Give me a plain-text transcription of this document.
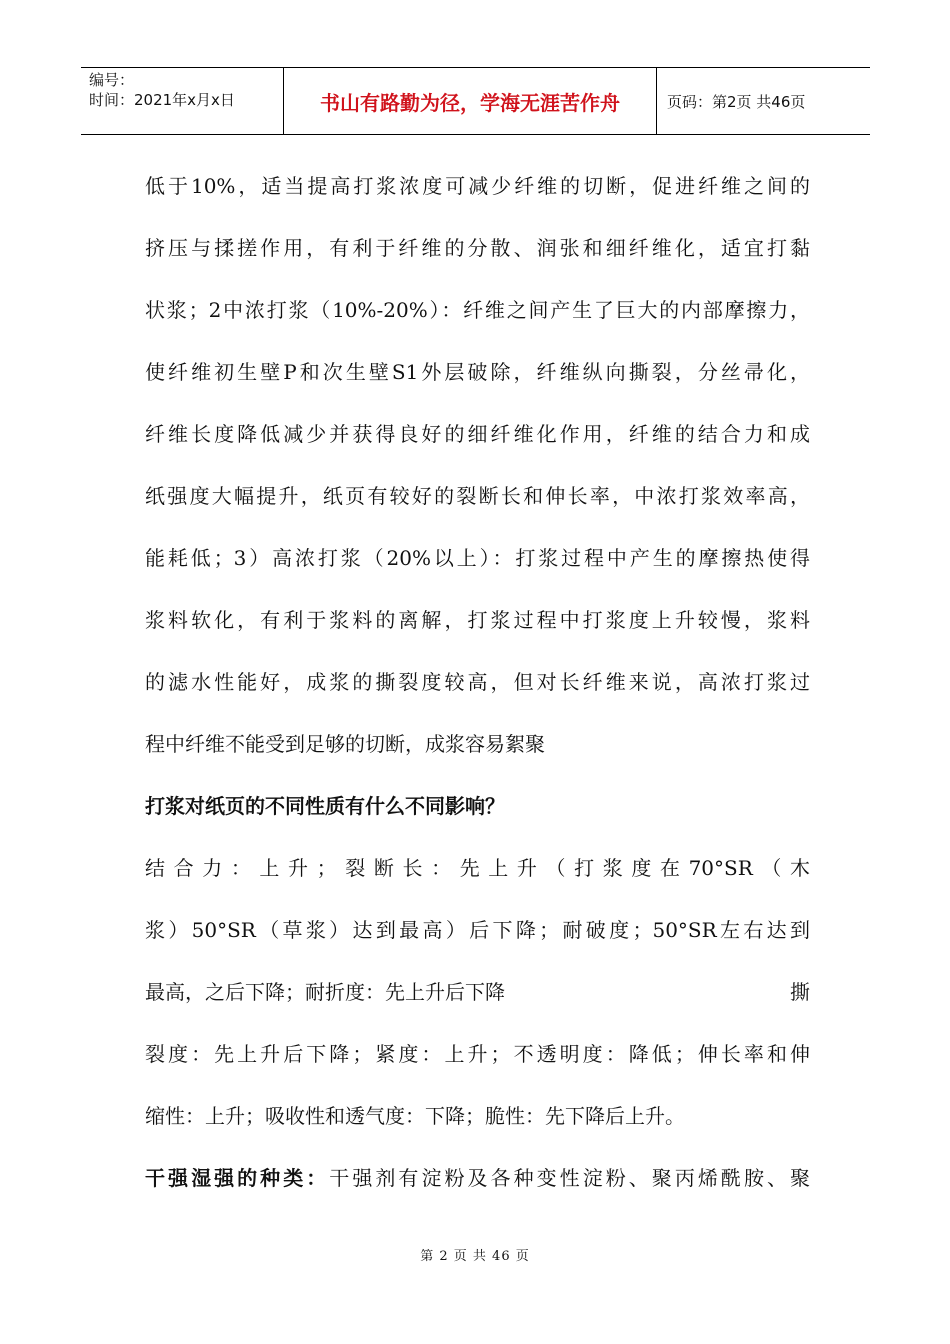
编号：
时间：2021年x月x日	书山有路勤为径，学海无涯苦作舟	页码：第2页 共46页
低于10%，适当提高打浆浓度可减少纤维的切断，促进纤维之间的
挤压与揉搓作用，有利于纤维的分散、润张和细纤维化，适宜打黏
状浆；2中浓打浆（10%-20%）：纤维之间产生了巨大的内部摩擦力，
使纤维初生壁P和次生壁S1外层破除，纤维纵向撕裂，分丝帚化，
纤维长度降低减少并获得良好的细纤维化作用，纤维的结合力和成
纸强度大幅提升，纸页有较好的裂断长和伸长率，中浓打浆效率高，
能耗低；3）高浓打浆（20%以上）：打浆过程中产生的摩擦热使得
浆料软化，有利于浆料的离解，打浆过程中打浆度上升较慢，浆料
的滤水性能好，成浆的撕裂度较高，但对长纤维来说，高浓打浆过
程中纤维不能受到足够的切断，成浆容易絮聚
打浆对纸页的不同性质有什么不同影响？
结合力：上升；裂断长：先上升（打浆度在70°SR（木
浆）50°SR（草浆）达到最高）后下降；耐破度；50°SR左右达到
最高，之后下降；耐折度：先上升后下降	撕
裂度：先上升后下降；紧度：上升；不透明度：降低；伸长率和伸
缩性：上升；吸收性和透气度：下降；脆性：先下降后上升。
干强湿强的种类：干强剂有淀粉及各种变性淀粉、聚丙烯酰胺、聚
第 2 页 共 46 页
